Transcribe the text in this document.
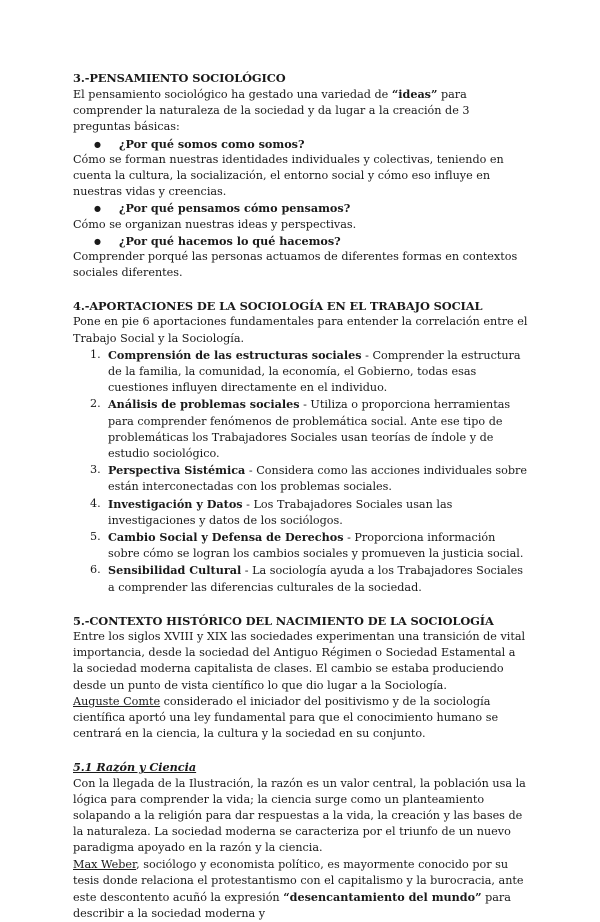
3.-PENSAMIENTO SOCIOLÓGICO

El pensamiento sociológico ha gestado una variedad de “ideas” para comprender la naturaleza de la sociedad y da lugar a la creación de 3 preguntas básicas:

● ¿Por qué somos como somos?

Cómo se forman nuestras identidades individuales y colectivas, teniendo en cuenta la cultura, la socialización, el entorno social y cómo eso influye en nuestras vidas y creencias.

● ¿Por qué pensamos cómo pensamos?

Cómo se organizan nuestras ideas y perspectivas.

● ¿Por qué hacemos lo qué hacemos?

Comprender porqué las personas actuamos de diferentes formas en contextos sociales diferentes.

4.-APORTACIONES DE LA SOCIOLOGÍA EN EL TRABAJO SOCIAL

Pone en pie 6 aportaciones fundamentales para entender la correlación entre el Trabajo Social y la Sociología.

1. Comprensión de las estructuras sociales - Comprender la estructura de la familia, la comunidad, la economía, el Gobierno, todas esas cuestiones influyen directamente en el individuo.
2. Análisis de problemas sociales - Utiliza o proporciona herramientas para comprender fenómenos de problemática social. Ante ese tipo de problemáticas los Trabajadores Sociales usan teorías de índole y de estudio sociológico.
3. Perspectiva Sistémica - Considera como las acciones individuales sobre están interconectadas con los problemas sociales.
4. Investigación y Datos - Los Trabajadores Sociales usan las investigaciones y datos de los sociólogos.
5. Cambio Social y Defensa de Derechos - Proporciona información sobre cómo se logran los cambios sociales y promueven la justicia social.
6. Sensibilidad Cultural - La sociología ayuda a los Trabajadores Sociales a comprender las diferencias culturales de la sociedad.
5.-CONTEXTO HISTÓRICO DEL NACIMIENTO DE LA SOCIOLOGÍA

Entre los siglos XVIII y XIX las sociedades experimentan una transición de vital importancia, desde la sociedad del Antiguo Régimen o Sociedad Estamental a la sociedad moderna capitalista de clases. El cambio se estaba produciendo desde un punto de vista científico lo que dio lugar a la Sociología.

Auguste Comte considerado el iniciador del positivismo y de la sociología científica aportó una ley fundamental para que el conocimiento humano se centrará en la ciencia, la cultura y la sociedad en su conjunto.

5.1 Razón y Ciencia

Con la llegada de la Ilustración, la razón es un valor central, la población usa la lógica para comprender la vida; la ciencia surge como un planteamiento solapando a la religión para dar respuestas a la vida, la creación y las bases de la naturaleza. La sociedad moderna se caracteriza por el triunfo de un nuevo paradigma apoyado en la razón y la ciencia.

Max Weber, sociólogo y economista político, es mayormente conocido por su tesis donde relaciona el protestantismo con el capitalismo y la burocracia, ante este descontento acuñó la expresión “desencantamiento del mundo” para describir a la sociedad moderna y
